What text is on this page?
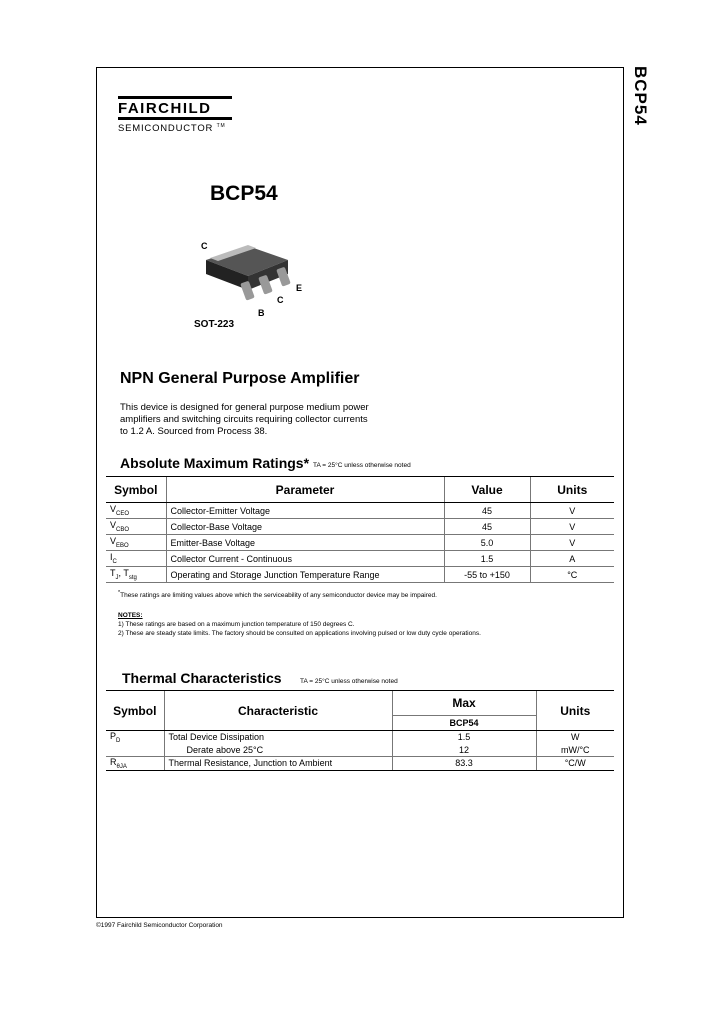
BCP54
FAIRCHILD
SEMICONDUCTOR ™
BCP54
C
B
C
E
SOT-223
NPN General Purpose Amplifier
This device is designed for general purpose medium power
amplifiers and switching circuits requiring collector currents
to 1.2 A. Sourced from Process 38.
Absolute Maximum Ratings* TA = 25°C unless otherwise noted
Symbol	Parameter	Value	Units
$V_{CEO}$	Collector-Emitter Voltage	45	V
$V_{CBO}$	Collector-Base Voltage	45	V
$V_{EBO}$	Emitter-Base Voltage	5.0	V
$I_C$	Collector Current - Continuous	1.5	A
$T_J$, $T_{stg}$	Operating and Storage Junction Temperature Range	-55 to +150	°C
*These ratings are limiting values above which the serviceability of any semiconductor device may be impaired.
NOTES:
1) These ratings are based on a maximum junction temperature of 150 degrees C.
2) These are steady state limits. The factory should be consulted on applications involving pulsed or low duty cycle operations.
Thermal Characteristics	TA = 25°C unless otherwise noted
Symbol	Characteristic	Max	Units
		BCP54	
$P_D$	Total Device Dissipation	1.5	W
	Derate above 25°C	12	mW/°C
$R_{\theta JA}$	Thermal Resistance, Junction to Ambient	83.3	°C/W
©1997 Fairchild Semiconductor Corporation
